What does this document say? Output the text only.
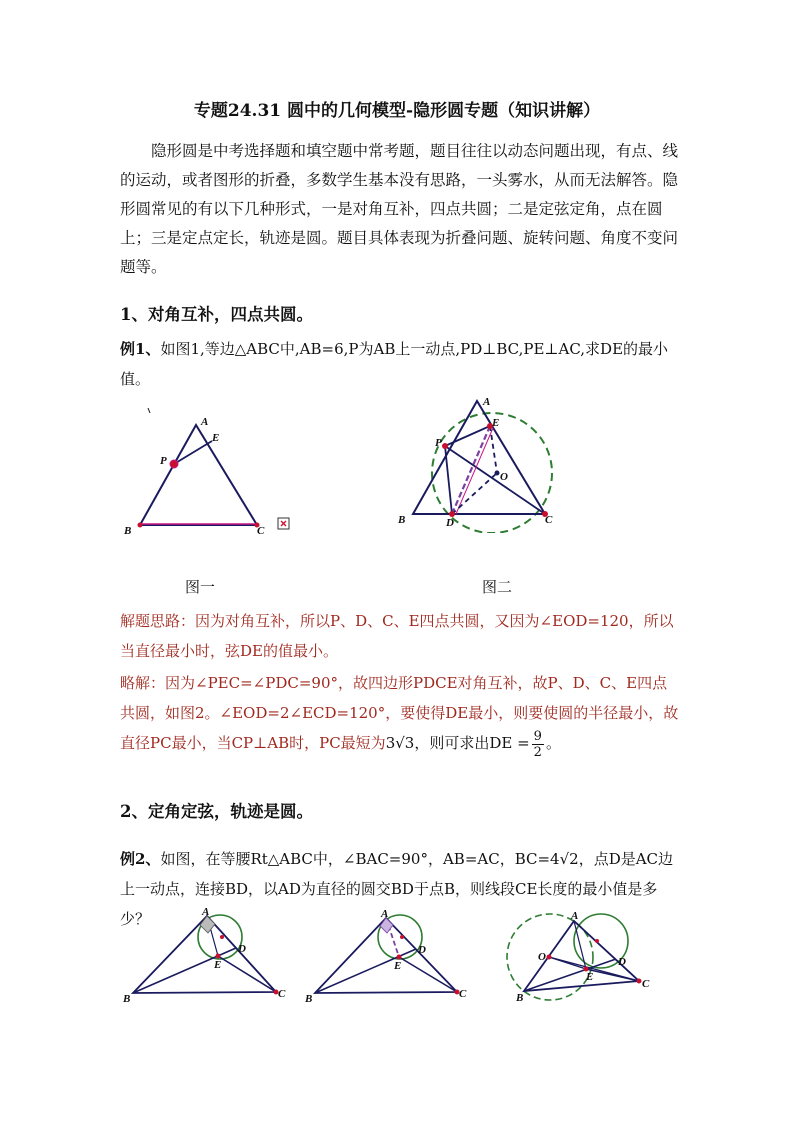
专题24.31 圆中的几何模型-隐形圆专题（知识讲解）
隐形圆是中考选择题和填空题中常考题，题目往往以动态问题出现，有点、线的运动，或者图形的折叠，多数学生基本没有思路，一头雾水，从而无法解答。隐形圆常见的有以下几种形式，一是对角互补，四点共圆；二是定弦定角，点在圆上；三是定点定长，轨迹是圆。题目具体表现为折叠问题、旋转问题、角度不变问题等。
1、对角互补，四点共圆。
例1、如图1,等边△ABC中,AB=6,P为AB上一动点,PD⊥BC,PE⊥AC,求DE的最小值。
A
E
P
B	C
A
E
P
O
B	D	C
图一	图二
解题思路：因为对角互补，所以P、D、C、E四点共圆，又因为∠EOD=120，所以当直径最小时，弦DE的值最小。
略解：因为∠PEC=∠PDC=90°，故四边形PDCE对角互补，故P、D、C、E四点共圆，如图2。∠EOD=2∠ECD=120°，要使得DE最小，则要使圆的半径最小，故直径PC最小，当CP⊥AB时，PC最短为3√3，则可求出DE = $\frac{9}{2}$ 。
2、定角定弦，轨迹是圆。
例2、如图，在等腰Rt△ABC中，∠BAC=90°，AB=AC，BC=4√2，点D是AC边上一动点，连接BD，以AD为直径的圆交BD于点B，则线段CE长度的最小值是多少？	A
D
E
B	C
A
D
E
B	C
A
O	D
E
B
C
